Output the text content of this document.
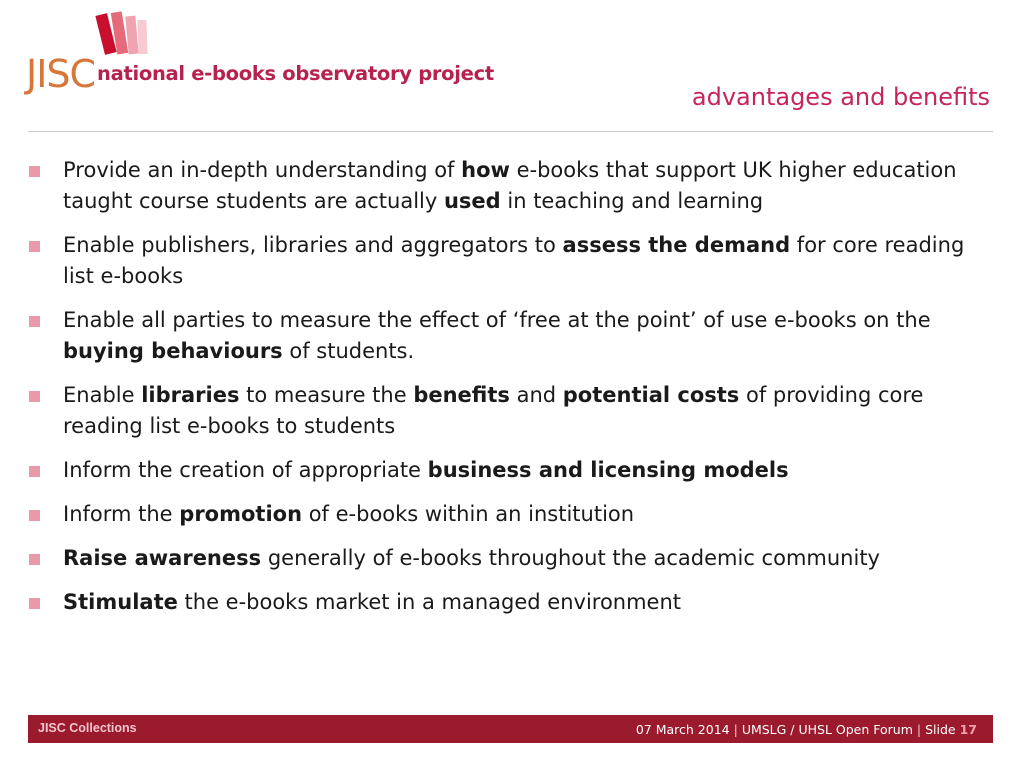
JISC national e-books observatory project
advantages and benefits
Provide an in-depth understanding of how e-books that support UK higher education taught course students are actually used in teaching and learning
Enable publishers, libraries and aggregators to assess the demand for core reading list e-books
Enable all parties to measure the effect of ‘free at the point’ of use e-books on the buying behaviours of students.
Enable libraries to measure the benefits and potential costs of providing core reading list e-books to students
Inform the creation of appropriate business and licensing models
Inform the promotion of e-books within an institution
Raise awareness generally of e-books throughout the academic community
Stimulate the e-books market in a managed environment
JISC Collections	07 March 2014 | UMSLG / UHSL Open Forum | Slide 17
